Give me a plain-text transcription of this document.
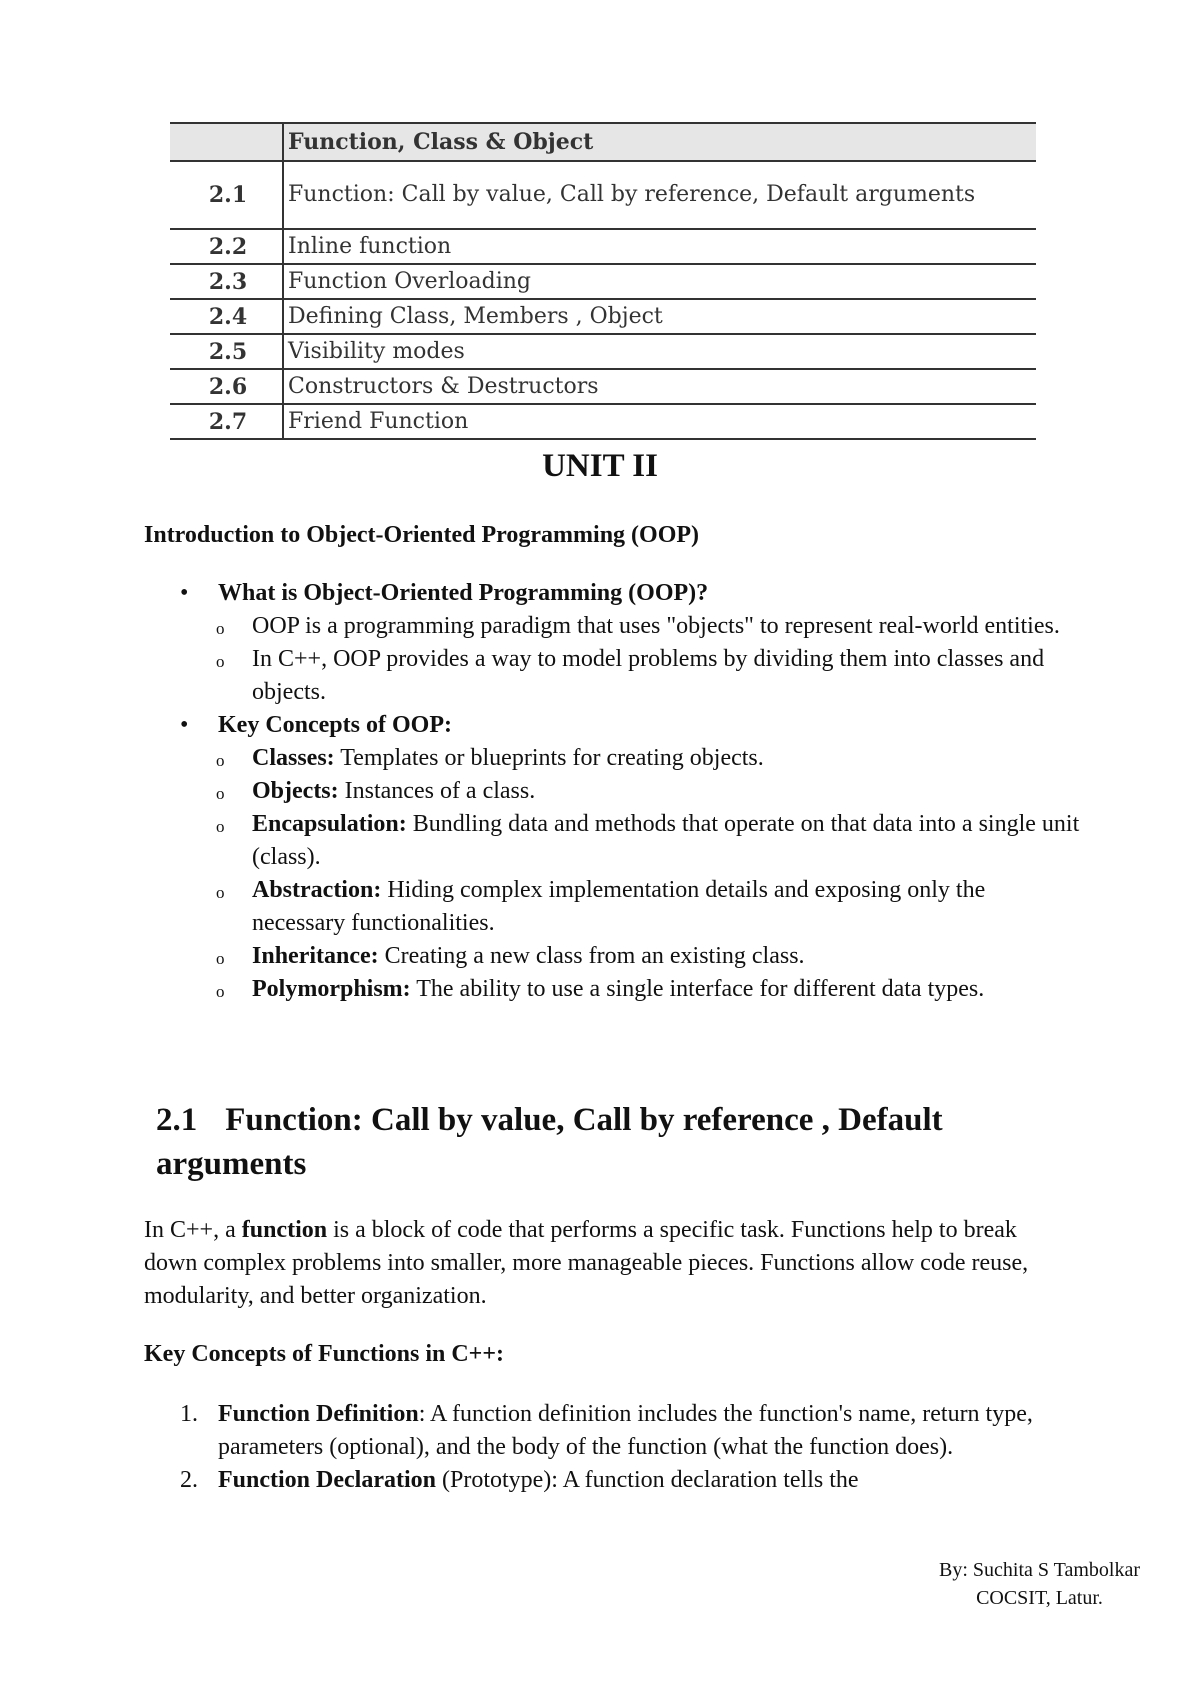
	Function, Class & Object
2.1	Function: Call by value, Call by reference, Default arguments
2.2	Inline function
2.3	Function Overloading
2.4	Defining Class, Members , Object
2.5	Visibility modes
2.6	Constructors & Destructors
2.7	Friend Function
UNIT II
Introduction to Object-Oriented Programming (OOP)
• What is Object-Oriented Programming (OOP)?
o OOP is a programming paradigm that uses "objects" to represent real-world entities.
o In C++, OOP provides a way to model problems by dividing them into classes and objects.
• Key Concepts of OOP:
o Classes: Templates or blueprints for creating objects.
o Objects: Instances of a class.
o Encapsulation: Bundling data and methods that operate on that data into a single unit (class).
o Abstraction: Hiding complex implementation details and exposing only the necessary functionalities.
o Inheritance: Creating a new class from an existing class.
o Polymorphism: The ability to use a single interface for different data types.
2.1 Function: Call by value, Call by reference , Default arguments
In C++, a function is a block of code that performs a specific task. Functions help to break down complex problems into smaller, more manageable pieces. Functions allow code reuse, modularity, and better organization.
Key Concepts of Functions in C++:
1. Function Definition: A function definition includes the function's name, return type, parameters (optional), and the body of the function (what the function does).
2. Function Declaration (Prototype): A function declaration tells the
By: Suchita S Tambolkar
COCSIT, Latur.
